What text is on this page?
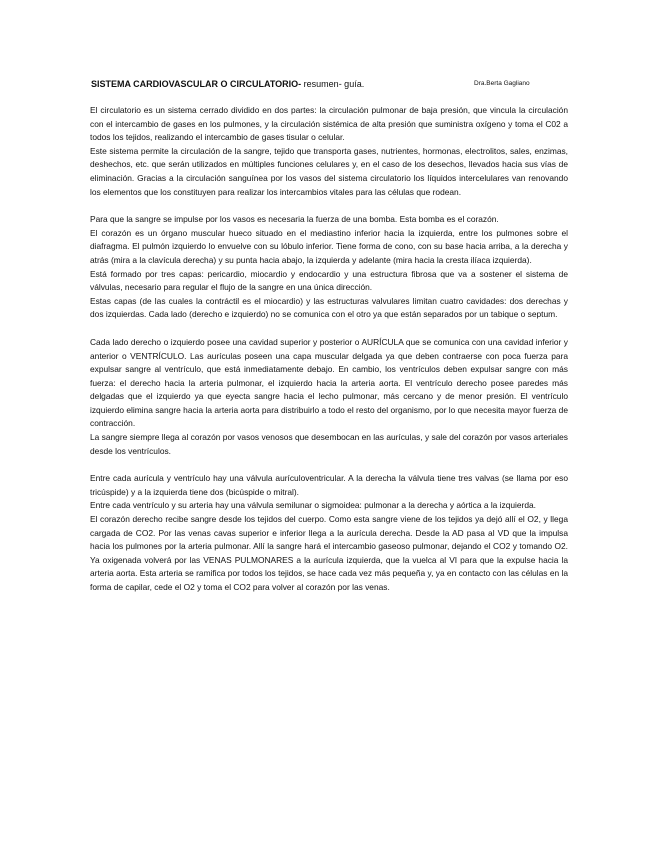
SISTEMA CARDIOVASCULAR O CIRCULATORIO- resumen- guía.	Dra.Berta Gagliano

El circulatorio es un sistema cerrado dividido en dos partes: la circulación pulmonar de baja presión, que vincula la circulación con el intercambio de gases en los pulmones, y la circulación sistémica de alta presión que suministra oxígeno y toma el C02 a todos los tejidos, realizando el intercambio de gases tisular o celular.

Este sistema permite la circulación de la sangre, tejido que transporta gases, nutrientes, hormonas, electrolitos, sales, enzimas, deshechos, etc. que serán utilizados en múltiples funciones celulares y, en el caso de los desechos, llevados hacia sus vías de eliminación. Gracias a la circulación sanguínea por los vasos del sistema circulatorio los líquidos intercelulares van renovando los elementos que los constituyen para realizar los intercambios vitales para las células que rodean.

Para que la sangre se impulse por los vasos es necesaria la fuerza de una bomba. Esta bomba es el corazón.

El corazón es un órgano muscular hueco situado en el mediastino inferior hacia la izquierda, entre los pulmones sobre el diafragma. El pulmón izquierdo lo envuelve con su lóbulo inferior. Tiene forma de cono, con su base hacia arriba, a la derecha y atrás (mira a la clavícula derecha) y su punta hacia abajo, la izquierda y adelante (mira hacia la cresta ilíaca izquierda).

Está formado por tres capas: pericardio, miocardio y endocardio y una estructura fibrosa que va a sostener el sistema de válvulas, necesario para regular el flujo de la sangre en una única dirección.

Estas capas (de las cuales la contráctil es el miocardio) y las estructuras valvulares limitan cuatro cavidades: dos derechas y dos izquierdas. Cada lado (derecho e izquierdo) no se comunica con el otro ya que están separados por un tabique o septum.

Cada lado derecho o izquierdo posee una cavidad superior y posterior o AURÍCULA que se comunica con una cavidad inferior y anterior o VENTRÍCULO. Las aurículas poseen una capa muscular delgada ya que deben contraerse con poca fuerza para expulsar sangre al ventrículo, que está inmediatamente debajo. En cambio, los ventrículos deben expulsar sangre con más fuerza: el derecho hacia la arteria pulmonar, el izquierdo hacia la arteria aorta. El ventrículo derecho posee paredes más delgadas que el izquierdo ya que eyecta sangre hacia el lecho pulmonar, más cercano y de menor presión. El ventrículo izquierdo elimina sangre hacia la arteria aorta para distribuirlo a todo el resto del organismo, por lo que necesita mayor fuerza de contracción.

La sangre siempre llega al corazón por vasos venosos que desembocan en las aurículas, y sale del corazón por vasos arteriales desde los ventrículos.

Entre cada aurícula y ventrículo hay una válvula aurículoventricular. A la derecha la válvula tiene tres valvas (se llama por eso tricúspide) y a la izquierda tiene dos (bicúspide o mitral).

Entre cada ventrículo y su arteria hay una válvula semilunar o sigmoidea: pulmonar a la derecha y aórtica a la izquierda.

El corazón derecho recibe sangre desde los tejidos del cuerpo. Como esta sangre viene de los tejidos ya dejó allí el O2, y llega cargada de CO2. Por las venas cavas superior e inferior llega a la aurícula derecha. Desde la AD pasa al VD que la impulsa hacia los pulmones por la arteria pulmonar. Allí la sangre hará el intercambio gaseoso pulmonar, dejando el CO2 y tomando O2. Ya oxigenada volverá por las VENAS PULMONARES a la aurícula izquierda, que la vuelca al VI para que la expulse hacia la arteria aorta. Esta arteria se ramifica por todos los tejidos, se hace cada vez más pequeña y, ya en contacto con las células en la forma de capilar, cede el O2 y toma el CO2 para volver al corazón por las venas.
